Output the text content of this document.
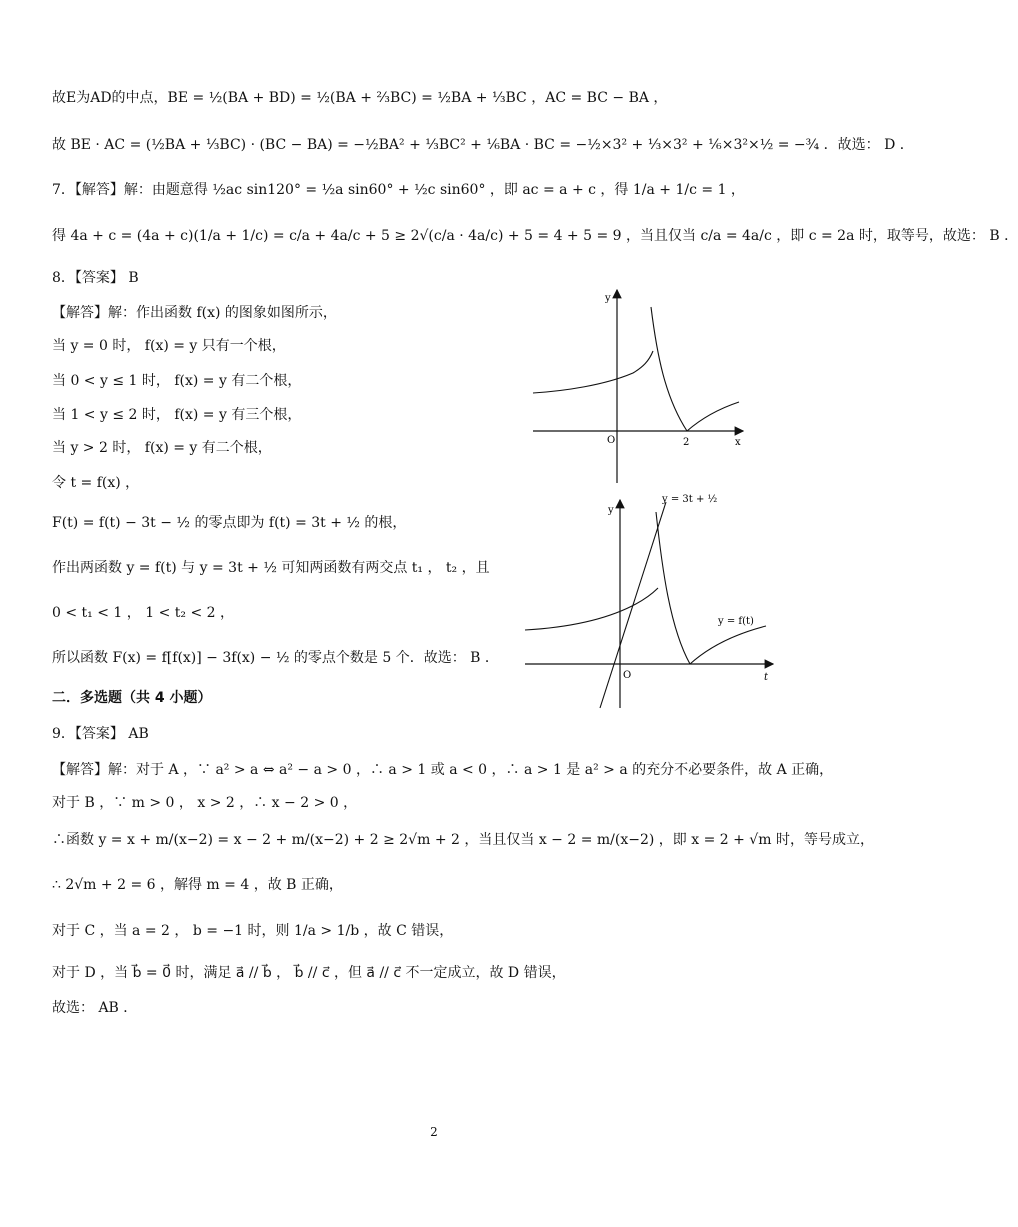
故E为AD的中点，BE = ½(BA + BD) = ½(BA + ⅔BC) = ½BA + ⅓BC ，AC = BC − BA ，
故 BE · AC = (½BA + ⅓BC) · (BC − BA) = −½BA² + ⅓BC² + ⅙BA · BC = −½×3² + ⅓×3² + ⅙×3²×½ = −¾ ．故选： D ．
7．【解答】解：由题意得 ½ac sin120° = ½a sin60° + ½c sin60° ，即 ac = a + c ，得 1/a + 1/c = 1 ，
得 4a + c = (4a + c)(1/a + 1/c) = c/a + 4a/c + 5 ≥ 2√(c/a · 4a/c) + 5 = 4 + 5 = 9 ，当且仅当 c/a = 4a/c ，即 c = 2a 时，取等号，故选： B ．
8．【答案】 B
【解答】解：作出函数 f(x) 的图象如图所示，
当 y = 0 时， f(x) = y 只有一个根，
当 0 < y ≤ 1 时， f(x) = y 有二个根，
当 1 < y ≤ 2 时， f(x) = y 有三个根，
当 y > 2 时， f(x) = y 有二个根，
令 t = f(x) ，
F(t) = f(t) − 3t − ½ 的零点即为 f(t) = 3t + ½ 的根，
作出两函数 y = f(t) 与 y = 3t + ½ 可知两函数有两交点 t₁ ， t₂ ，且
0 < t₁ < 1 ， 1 < t₂ < 2 ，
所以函数 F(x) = f[f(x)] − 3f(x) − ½ 的零点个数是 5 个．故选： B ．
二．多选题（共 4 小题）
9．【答案】 AB
【解答】解：对于 A ，∵ a² > a ⇔ a² − a > 0 ，∴ a > 1 或 a < 0 ，∴ a > 1 是 a² > a 的充分不必要条件，故 A 正确，
对于 B ，∵ m > 0 ， x > 2 ，∴ x − 2 > 0 ，
∴函数 y = x + m/(x−2) = x − 2 + m/(x−2) + 2 ≥ 2√m + 2 ，当且仅当 x − 2 = m/(x−2) ，即 x = 2 + √m 时，等号成立，
∴ 2√m + 2 = 6 ，解得 m = 4 ，故 B 正确，
对于 C ，当 a = 2 ， b = −1 时，则 1/a > 1/b ，故 C 错误，
对于 D ，当 b⃗ = 0⃗ 时，满足 a⃗ // b⃗ ， b⃗ // c⃗ ，但 a⃗ // c⃗ 不一定成立，故 D 错误，
故选： AB ．
y
x
O	2
y
t
O
y = 3t + ½
y = f(t)
2
